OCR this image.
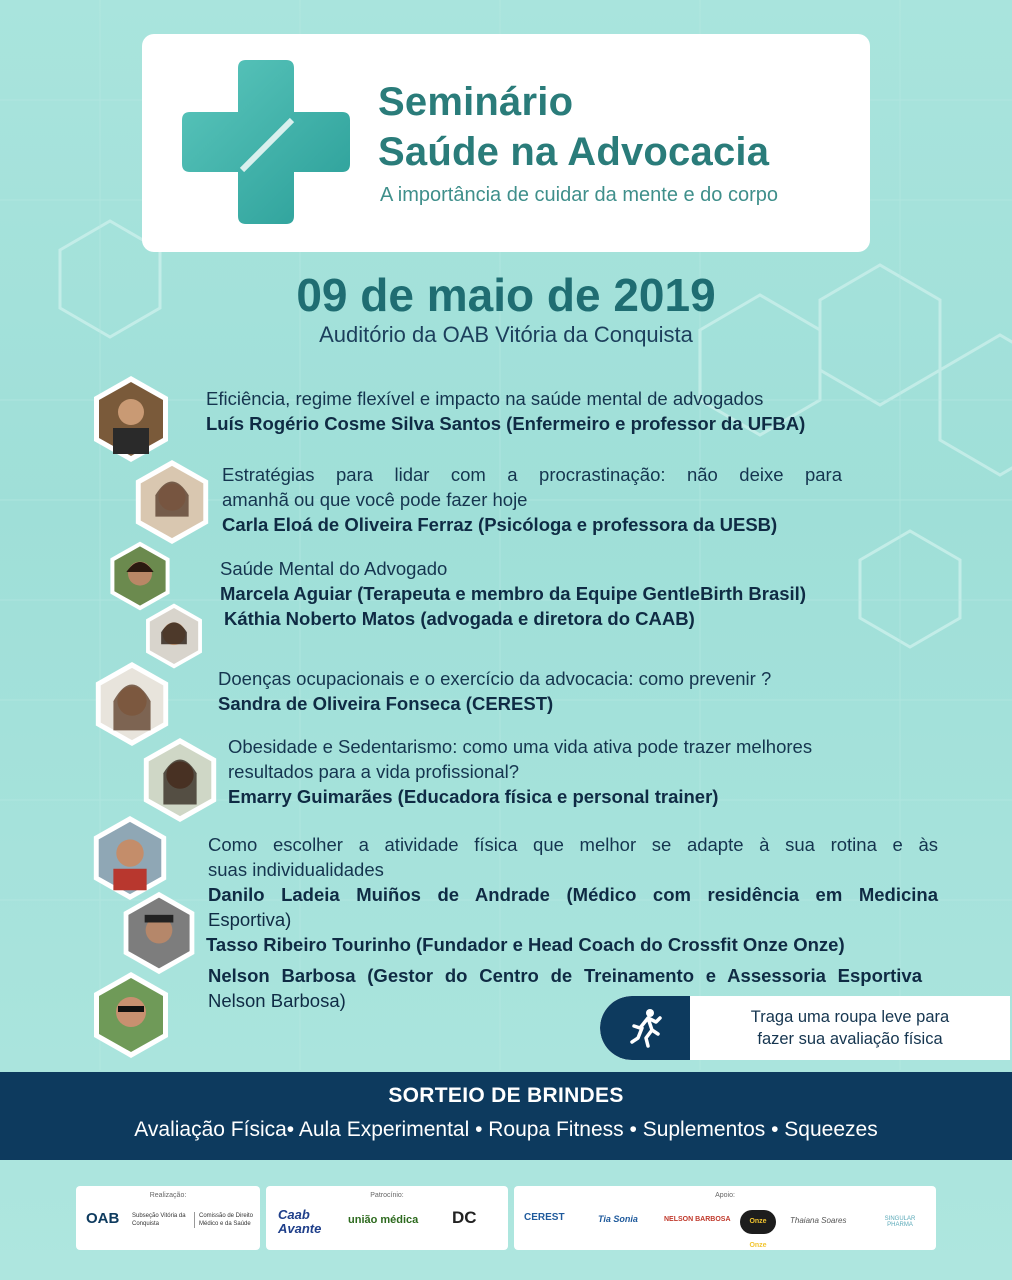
Seminário
Saúde na Advocacia
A importância de cuidar da mente e do corpo
09 de maio de 2019
Auditório da OAB Vitória da Conquista
Eficiência, regime flexível e impacto na saúde mental de advogados
Luís Rogério Cosme Silva Santos (Enfermeiro e professor da UFBA)
Estratégias para lidar com a procrastinação: não deixe para
amanhã ou que você pode fazer hoje
Carla Eloá de Oliveira Ferraz (Psicóloga e professora da UESB)
Saúde Mental do Advogado
Marcela Aguiar (Terapeuta e membro da Equipe GentleBirth Brasil)
Káthia Noberto Matos (advogada e diretora do CAAB)
Doenças ocupacionais e o exercício da advocacia: como prevenir ?
Sandra de Oliveira Fonseca (CEREST)
Obesidade e Sedentarismo: como uma vida ativa pode trazer melhores
resultados para a vida profissional?
Emarry Guimarães (Educadora física e personal trainer)
Como escolher a atividade física que melhor se adapte à sua rotina e às
suas individualidades
Danilo Ladeia Muiños de Andrade (Médico com residência em Medicina
Esportiva)
Tasso Ribeiro Tourinho (Fundador e Head Coach do Crossfit Onze Onze)
Nelson Barbosa (Gestor do Centro de Treinamento e Assessoria Esportiva
Nelson Barbosa)
Traga uma roupa leve para
fazer sua avaliação física
SORTEIO DE BRINDES
Avaliação Física• Aula Experimental • Roupa Fitness • Suplementos • Squeezes
Realização:
OAB Subseção Vitória da Conquista
Comissão de Direito Médico e da Saúde
Patrocínio:
Caab Avante
união médica DC
Apoio:
CEREST	Tia Sonia	NELSON BARBOSA	Onze Onze
Thaiana Soares	SINGULAR PHARMA
